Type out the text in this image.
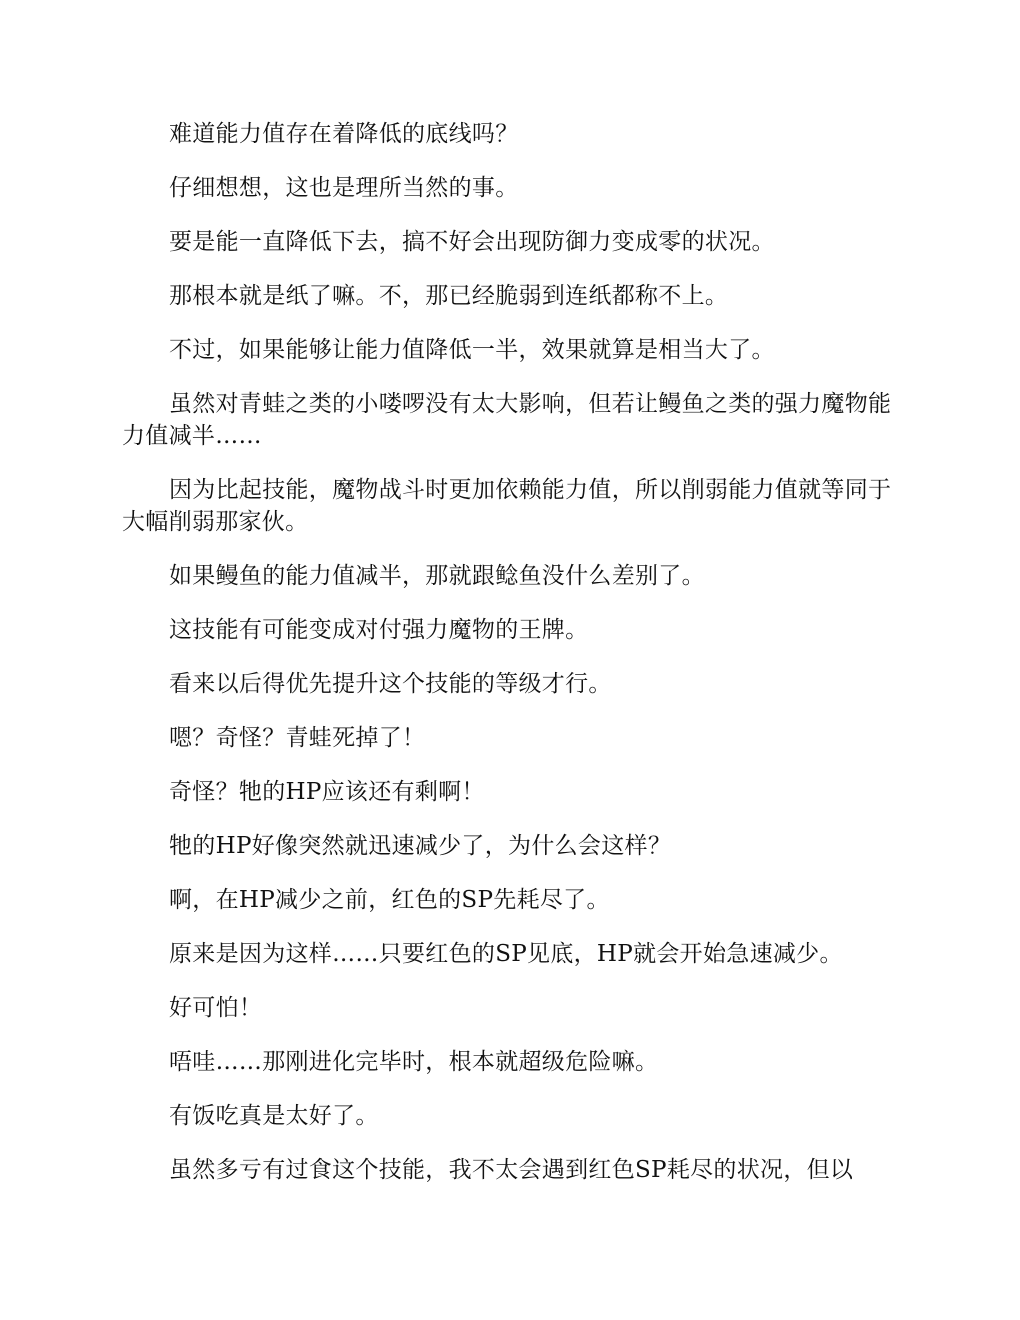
难道能力值存在着降低的底线吗？

仔细想想，这也是理所当然的事。

要是能一直降低下去，搞不好会出现防御力变成零的状况。

那根本就是纸了嘛。不，那已经脆弱到连纸都称不上。

不过，如果能够让能力值降低一半，效果就算是相当大了。

虽然对青蛙之类的小喽啰没有太大影响，但若让鳗鱼之类的强力魔物能力值减半……

因为比起技能，魔物战斗时更加依赖能力值，所以削弱能力值就等同于大幅削弱那家伙。

如果鳗鱼的能力值减半，那就跟鲶鱼没什么差别了。

这技能有可能变成对付强力魔物的王牌。

看来以后得优先提升这个技能的等级才行。

嗯？奇怪？青蛙死掉了！

奇怪？牠的HP应该还有剩啊！

牠的HP好像突然就迅速减少了，为什么会这样？

啊，在HP减少之前，红色的SP先耗尽了。

原来是因为这样……只要红色的SP见底，HP就会开始急速减少。

好可怕！

唔哇……那刚进化完毕时，根本就超级危险嘛。

有饭吃真是太好了。

虽然多亏有过食这个技能，我不太会遇到红色SP耗尽的状况，但以
